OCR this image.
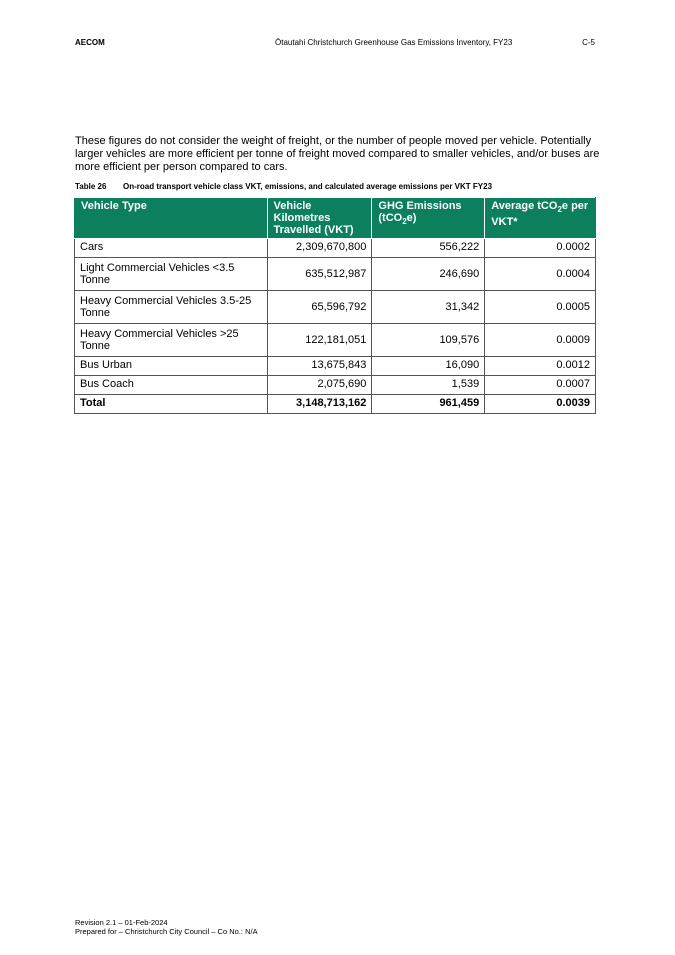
AECOM	Ōtautahi Christchurch Greenhouse Gas Emissions Inventory, FY23	C-5

These figures do not consider the weight of freight, or the number of people moved per vehicle. Potentially larger vehicles are more efficient per tonne of freight moved compared to smaller vehicles, and/or buses are more efficient per person compared to cars.

Table 26 On-road transport vehicle class VKT, emissions, and calculated average emissions per VKT FY23
Vehicle Type	Vehicle Kilometres Travelled (VKT)	GHG Emissions (tCO$_2$e)	Average tCO$_2$e per VKT*
Cars	2,309,670,800	556,222	0.0002
Light Commercial Vehicles <3.5 Tonne	635,512,987	246,690	0.0004
Heavy Commercial Vehicles 3.5-25 Tonne	65,596,792	31,342	0.0005
Heavy Commercial Vehicles >25 Tonne	122,181,051	109,576	0.0009
Bus Urban	13,675,843	16,090	0.0012
Bus Coach	2,075,690	1,539	0.0007
Total	3,148,713,162	961,459	0.0039
Revision 2.1 – 01-Feb-2024
Prepared for – Christchurch City Council – Co No.: N/A
